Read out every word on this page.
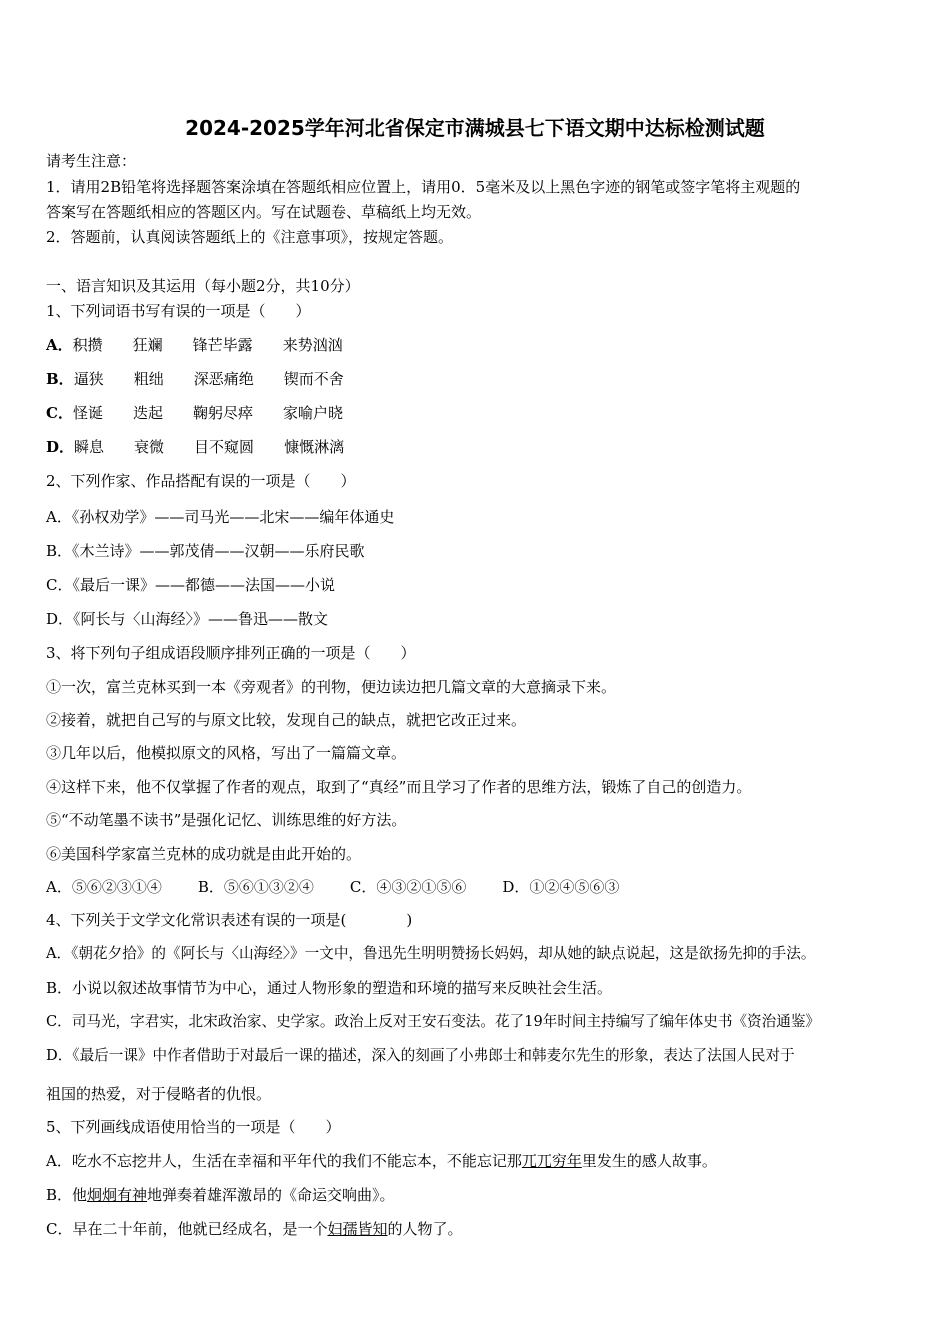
2024-2025学年河北省保定市满城县七下语文期中达标检测试题
请考生注意：
1．请用2B铅笔将选择题答案涂填在答题纸相应位置上，请用0．5毫米及以上黑色字迹的钢笔或签字笔将主观题的
答案写在答题纸相应的答题区内。写在试题卷、草稿纸上均无效。
2．答题前，认真阅读答题纸上的《注意事项》，按规定答题。
一、语言知识及其运用（每小题2分，共10分）
1、下列词语书写有误的一项是（　　）
A．积攒 狂斓 锋芒毕露 来势汹汹
B．逼狭 粗绌 深恶痛绝 锲而不舍
C．怪诞 迭起 鞠躬尽瘁 家喻户晓
D．瞬息 衰微 目不窥圆 慷慨淋漓
2、下列作家、作品搭配有误的一项是（　　）
A．《孙权劝学》——司马光——北宋——编年体通史
B．《木兰诗》——郭茂倩——汉朝——乐府民歌
C．《最后一课》——都德——法国——小说
D．《阿长与〈山海经〉》——鲁迅——散文
3、将下列句子组成语段顺序排列正确的一项是（　　）
①一次，富兰克林买到一本《旁观者》的刊物，便边读边把几篇文章的大意摘录下来。
②接着，就把自己写的与原文比较，发现自己的缺点，就把它改正过来。
③几年以后，他模拟原文的风格，写出了一篇篇文章。
④这样下来，他不仅掌握了作者的观点，取到了“真经”而且学习了作者的思维方法，锻炼了自己的创造力。
⑤“不动笔墨不读书”是强化记忆、训练思维的好方法。
⑥美国科学家富兰克林的成功就是由此开始的。
A．⑤⑥②③①④ B．⑤⑥①③②④ C．④③②①⑤⑥ D．①②④⑤⑥③
4、下列关于文学文化常识表述有误的一项是(　　　　)
A．《朝花夕拾》的《阿长与〈山海经〉》一文中，鲁迅先生明明赞扬长妈妈，却从她的缺点说起，这是欲扬先抑的手法。
B．小说以叙述故事情节为中心，通过人物形象的塑造和环境的描写来反映社会生活。
C．司马光，字君实，北宋政治家、史学家。政治上反对王安石变法。花了19年时间主持编写了编年体史书《资治通鉴》
D．《最后一课》中作者借助于对最后一课的描述，深入的刻画了小弗郎士和韩麦尔先生的形象，表达了法国人民对于
祖国的热爱，对于侵略者的仇恨。
5、下列画线成语使用恰当的一项是（　　）
A．吃水不忘挖井人，生活在幸福和平年代的我们不能忘本，不能忘记那兀兀穷年里发生的感人故事。
B．他炯炯有神地弹奏着雄浑激昂的《命运交响曲》。
C．早在二十年前，他就已经成名，是一个妇孺皆知的人物了。
